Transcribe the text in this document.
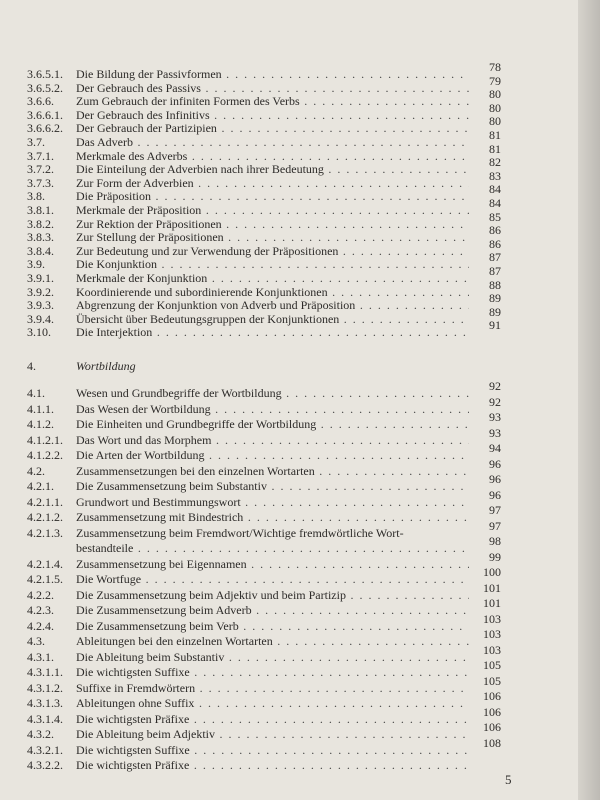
3.6.5.1. Die Bildung der Passivformen . . .	78
3.6.5.2. Der Gebrauch des Passivs . . .	79
3.6.6. Zum Gebrauch der infiniten Formen des Verbs . . .	80
3.6.6.1. Der Gebrauch des Infinitivs . . .	80
3.6.6.2. Der Gebrauch der Partizipien . . .	80
3.7.	Das Adverb . . .	81
3.7.1. Merkmale des Adverbs . . .	81
3.7.2. Die Einteilung der Adverbien nach ihrer Bedeutung . . .	82
3.7.3. Zur Form der Adverbien . . .	83
3.8.	Die Präposition . . .	84
3.8.1. Merkmale der Präposition . . .	84
3.8.2. Zur Rektion der Präpositionen . . .	85
3.8.3. Zur Stellung der Präpositionen . . .	86
3.8.4. Zur Bedeutung und zur Verwendung der Präpositionen . . .	86
3.9.	Die Konjunktion . . .	87
3.9.1. Merkmale der Konjunktion . . .	87
3.9.2. Koordinierende und subordinierende Konjunktionen . . .	88
3.9.3. Abgrenzung der Konjunktion von Adverb und Präposition . . .	89
3.9.4. Übersicht über Bedeutungsgruppen der Konjunktionen . . .	89
3.10. Die Interjektion . . .	91
4.	Wortbildung
4.1.	Wesen und Grundbegriffe der Wortbildung . . .	92
4.1.1. Das Wesen der Wortbildung . . .	92
4.1.2. Die Einheiten und Grundbegriffe der Wortbildung . . .	93
4.1.2.1. Das Wort und das Morphem . . .	93
4.1.2.2. Die Arten der Wortbildung . . .	94
4.2.	Zusammensetzungen bei den einzelnen Wortarten . . .	96
4.2.1. Die Zusammensetzung beim Substantiv . . .	96
4.2.1.1. Grundwort und Bestimmungswort . . .	96
4.2.1.2. Zusammensetzung mit Bindestrich . . .	97
4.2.1.3. Zusammensetzung beim Fremdwort/Wichtige fremdwörtliche Wort-	97
bestandteile . . .	98
4.2.1.4. Zusammensetzung bei Eigennamen . . .	99
4.2.1.5. Die Wortfuge . . .	100
4.2.2. Die Zusammensetzung beim Adjektiv und beim Partizip . . .	101
4.2.3. Die Zusammensetzung beim Adverb . . .	101
4.2.4. Die Zusammensetzung beim Verb . . .	103
4.3.	Ableitungen bei den einzelnen Wortarten . . .	103
4.3.1. Die Ableitung beim Substantiv . . .	103
4.3.1.1. Die wichtigsten Suffixe . . .	105
4.3.1.2. Suffixe in Fremdwörtern . . .	105
4.3.1.3. Ableitungen ohne Suffix . . .	106
4.3.1.4. Die wichtigsten Präfixe . . .	106
4.3.2. Die Ableitung beim Adjektiv . . .	106
4.3.2.1. Die wichtigsten Suffixe . . .	108
4.3.2.2. Die wichtigsten Präfixe . . .
5
